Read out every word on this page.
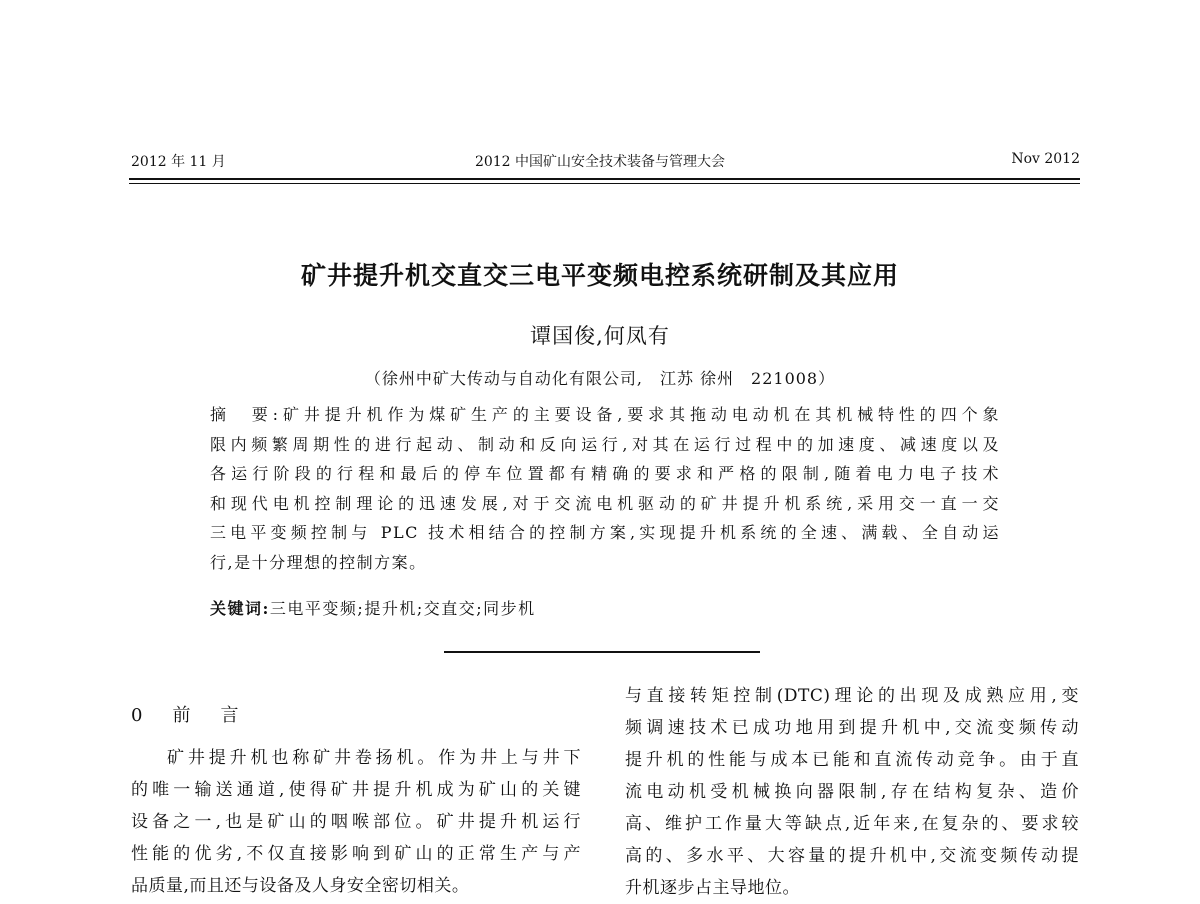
2012 年 11 月	2012 中国矿山安全技术装备与管理大会	Nov 2012
矿井提升机交直交三电平变频电控系统研制及其应用
谭国俊,何凤有
（徐州中矿大传动与自动化有限公司,　江苏 徐州　221008）
摘　要:矿井提升机作为煤矿生产的主要设备,要求其拖动电动机在其机械特性的四个象
限内频繁周期性的进行起动、制动和反向运行,对其在运行过程中的加速度、减速度以及
各运行阶段的行程和最后的停车位置都有精确的要求和严格的限制,随着电力电子技术
和现代电机控制理论的迅速发展,对于交流电机驱动的矿井提升机系统,采用交一直一交
三电平变频控制与 PLC 技术相结合的控制方案,实现提升机系统的全速、满载、全自动运
行,是十分理想的控制方案。
关键词:三电平变频;提升机;交直交;同步机
0 前 言
矿井提升机也称矿井卷扬机。作为井上与井下
的唯一输送通道,使得矿井提升机成为矿山的关键
设备之一,也是矿山的咽喉部位。矿井提升机运行
性能的优劣,不仅直接影响到矿山的正常生产与产
品质量,而且还与设备及人身安全密切相关。
与直接转矩控制(DTC)理论的出现及成熟应用,变
频调速技术已成功地用到提升机中,交流变频传动
提升机的性能与成本已能和直流传动竞争。由于直
流电动机受机械换向器限制,存在结构复杂、造价
高、维护工作量大等缺点,近年来,在复杂的、要求较
高的、多水平、大容量的提升机中,交流变频传动提
升机逐步占主导地位。
